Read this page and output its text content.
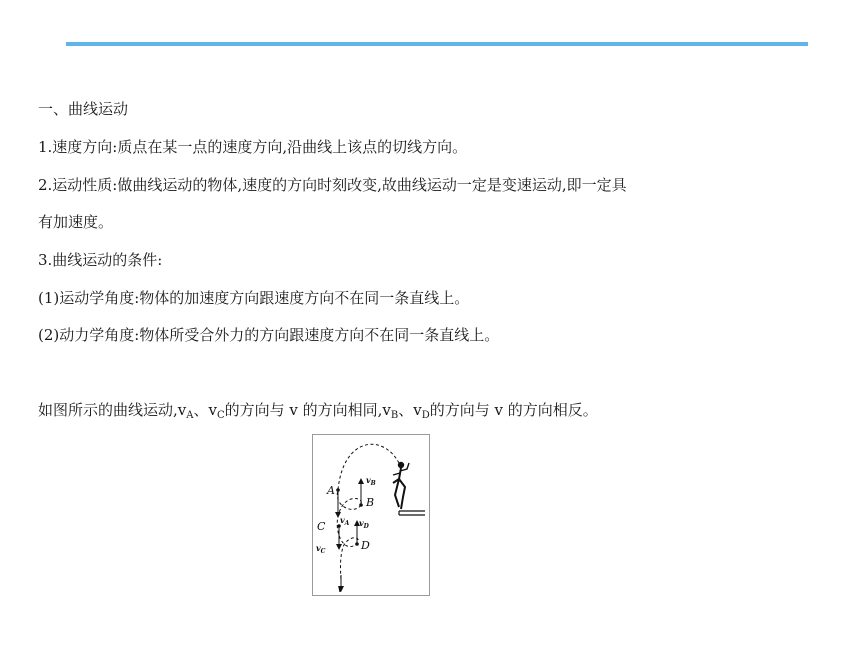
一、曲线运动
1.速度方向:质点在某一点的速度方向,沿曲线上该点的切线方向。
2.运动性质:做曲线运动的物体,速度的方向时刻改变,故曲线运动一定是变速运动,即一定具
有加速度。
3.曲线运动的条件:
(1)运动学角度:物体的加速度方向跟速度方向不在同一条直线上。
(2)动力学角度:物体所受合外力的方向跟速度方向不在同一条直线上。
如图所示的曲线运动$,v_A$、$v_C$的方向与 v 的方向相同$,v_B$、$v_D$的方向与 v 的方向相反。
A
B
C
D
$v_B$
$v_A$ $v_D$
$v_C$
v
